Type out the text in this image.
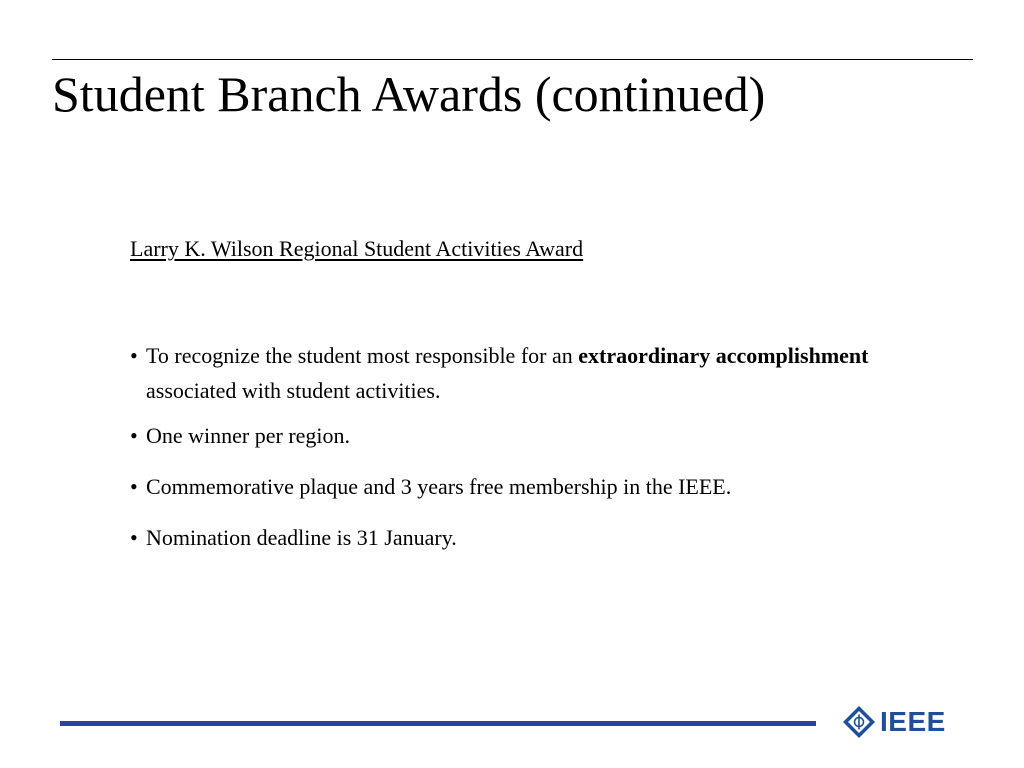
Student Branch Awards (continued)
Larry K. Wilson Regional Student Activities Award
• To recognize the student most responsible for an extraordinary accomplishment associated with student activities.
• One winner per region.
• Commemorative plaque and 3 years free membership in the IEEE.
• Nomination deadline is 31 January.
IEEE
